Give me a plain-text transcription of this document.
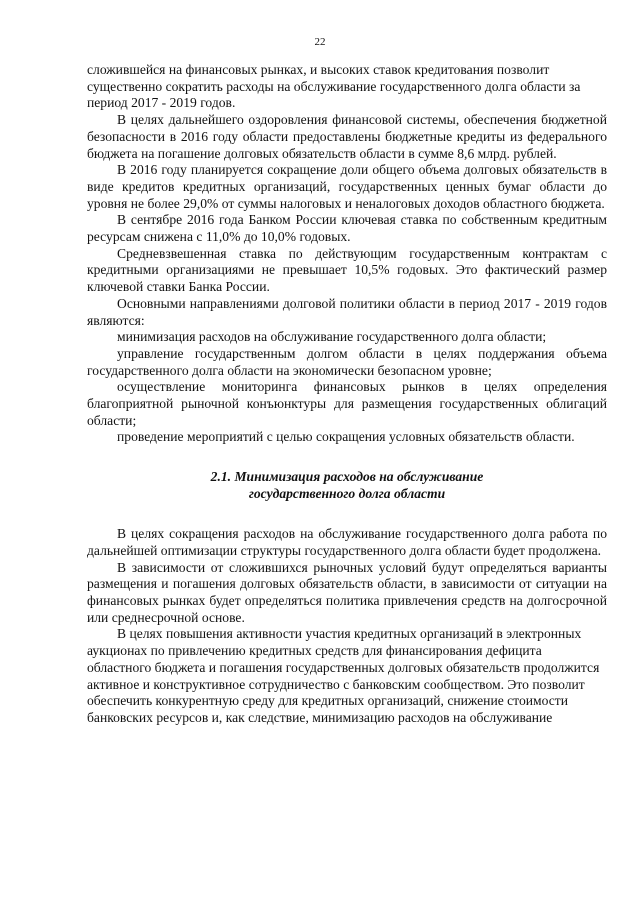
22

сложившейся на финансовых рынках, и высоких ставок кредитования позволит существенно сократить расходы на обслуживание государственного долга области за период 2017 - 2019 годов.

В целях дальнейшего оздоровления финансовой системы, обеспечения бюджетной безопасности в 2016 году области предоставлены бюджетные кредиты из федерального бюджета на погашение долговых обязательств области в сумме 8,6 млрд. рублей.

В 2016 году планируется сокращение доли общего объема долговых обязательств в виде кредитов кредитных организаций, государственных ценных бумаг области до уровня не более 29,0% от суммы налоговых и неналоговых доходов областного бюджета.

В сентябре 2016 года Банком России ключевая ставка по собственным кредитным ресурсам снижена с 11,0% до 10,0% годовых.

Средневзвешенная ставка по действующим государственным контрактам с кредитными организациями не превышает 10,5% годовых. Это фактический размер ключевой ставки Банка России.

Основными направлениями долговой политики области в период 2017 - 2019 годов являются:

минимизация расходов на обслуживание государственного долга области;

управление государственным долгом области в целях поддержания объема государственного долга области на экономически безопасном уровне;

осуществление мониторинга финансовых рынков в целях определения благоприятной рыночной конъюнктуры для размещения государственных облигаций области;

проведение мероприятий с целью сокращения условных обязательств области.

2.1. Минимизация расходов на обслуживание
государственного долга области

В целях сокращения расходов на обслуживание государственного долга работа по дальнейшей оптимизации структуры государственного долга области будет продолжена.

В зависимости от сложившихся рыночных условий будут определяться варианты размещения и погашения долговых обязательств области, в зависимости от ситуации на финансовых рынках будет определяться политика привлечения средств на долгосрочной или среднесрочной основе.

В целях повышения активности участия кредитных организаций в электронных аукционах по привлечению кредитных средств для финансирования дефицита областного бюджета и погашения государственных долговых обязательств продолжится активное и конструктивное сотрудничество с банковским сообществом. Это позволит обеспечить конкурентную среду для кредитных организаций, снижение стоимости банковских ресурсов и, как следствие, минимизацию расходов на обслуживание
